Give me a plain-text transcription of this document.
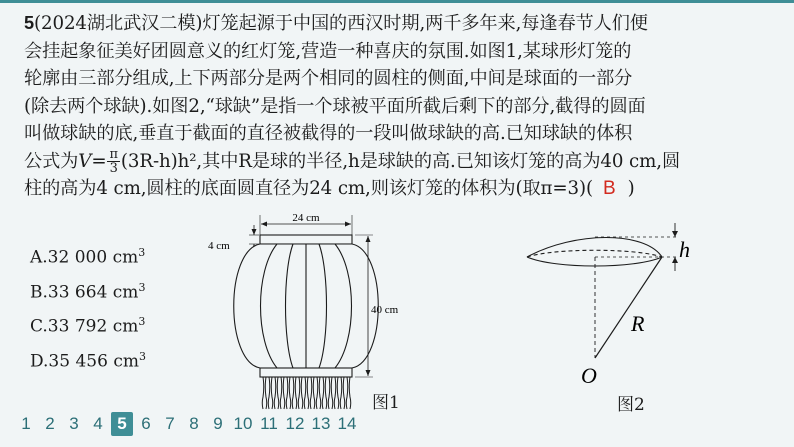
5(2024湖北武汉二模)灯笼起源于中国的西汉时期,两千多年来,每逢春节人们便
会挂起象征美好团圆意义的红灯笼,营造一种喜庆的氛围.如图1,某球形灯笼的
轮廓由三部分组成,上下两部分是两个相同的圆柱的侧面,中间是球面的一部分
(除去两个球缺).如图2,“球缺”是指一个球被平面所截后剩下的部分,截得的圆面
叫做球缺的底,垂直于截面的直径被截得的一段叫做球缺的高.已知球缺的体积
公式为$V= \frac{\pi}{3} (3R-h)h^2$,其中R是球的半径,h是球缺的高.已知该灯笼的高为40 cm,圆
柱的高为4 cm,圆柱的底面圆直径为24 cm,则该灯笼的体积为(取π=3)( B )
A.32 000 $cm^3$
B.33 664 $cm^3$
C.33 792 $cm^3$
D.35 456 $cm^3$
24 cm
4 cm
40 cm
图1
h
R
O
图2
1 2 3 4 5 6 7 8 9 10 11 12 13 14
